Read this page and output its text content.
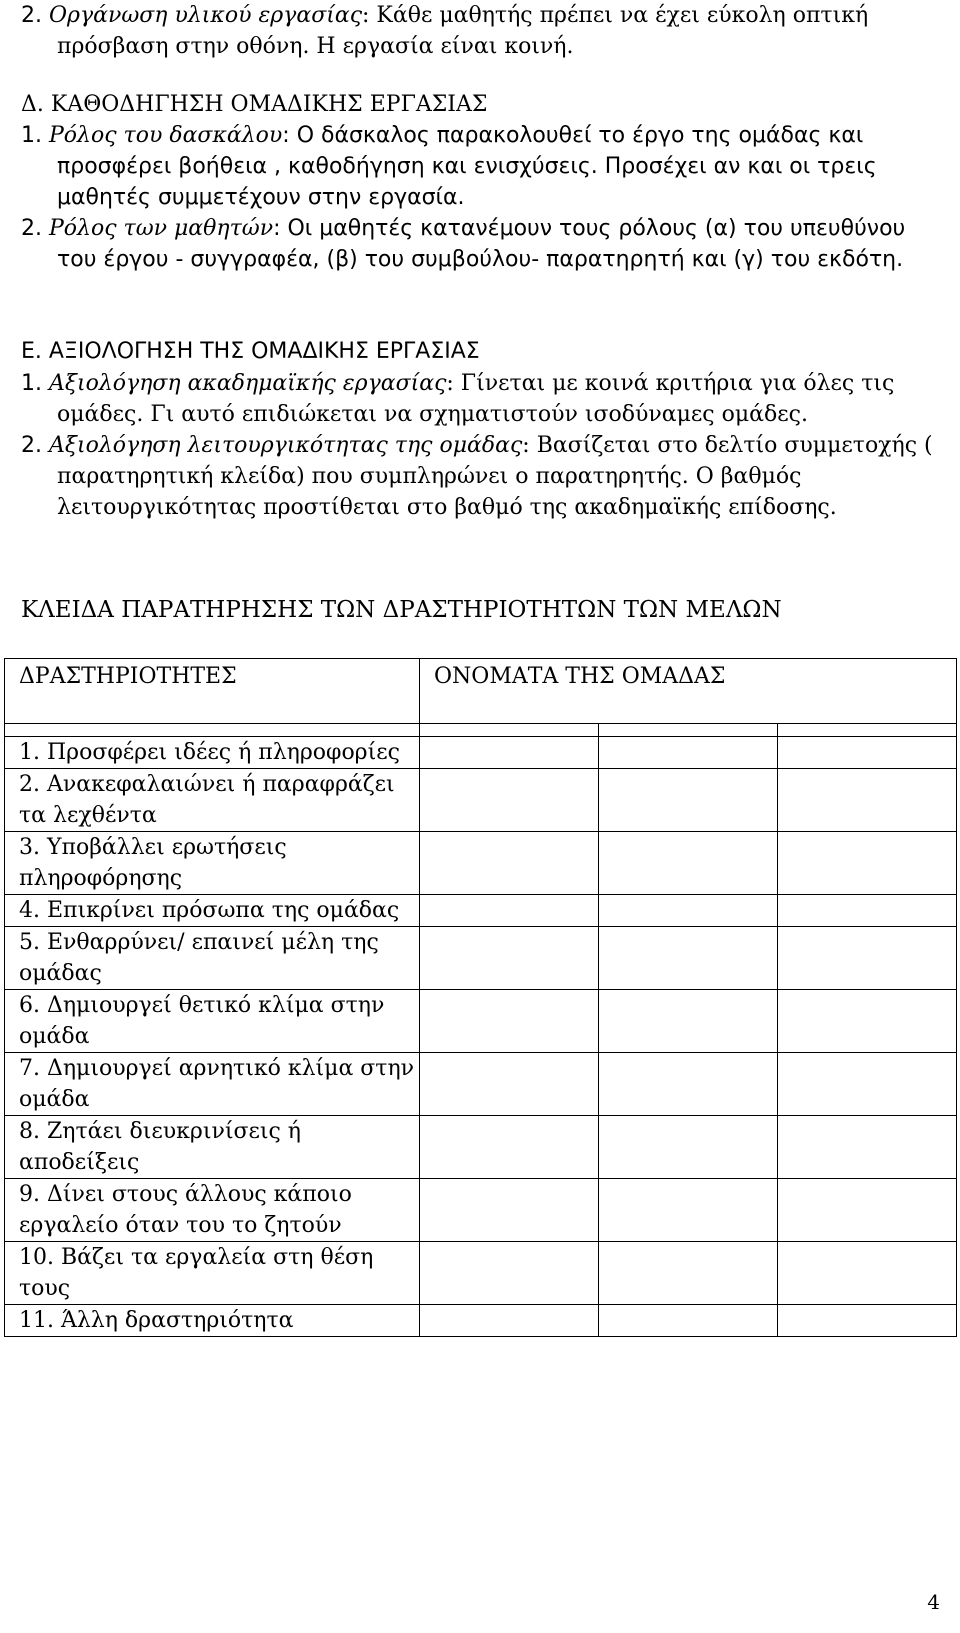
2. Οργάνωση υλικού εργασίας: Κάθε μαθητής πρέπει να έχει εύκολη οπτική πρόσβαση στην οθόνη. Η εργασία είναι κοινή.

Δ. ΚΑΘΟΔΗΓΗΣΗ ΟΜΑΔΙΚΗΣ ΕΡΓΑΣΙΑΣ

1. Ρόλος του δασκάλου: Ο δάσκαλος παρακολουθεί το έργο της ομάδας και προσφέρει βοήθεια , καθοδήγηση και ενισχύσεις. Προσέχει αν και οι τρεις μαθητές συμμετέχουν στην εργασία.

2. Ρόλος των μαθητών: Οι μαθητές κατανέμουν τους ρόλους (α) του υπευθύνου του έργου - συγγραφέα, (β) του συμβούλου- παρατηρητή και (γ) του εκδότη.

Ε. ΑΞΙΟΛΟΓΗΣΗ ΤΗΣ ΟΜΑΔΙΚΗΣ ΕΡΓΑΣΙΑΣ

1. Αξιολόγηση ακαδημαϊκής εργασίας: Γίνεται με κοινά κριτήρια για όλες τις ομάδες. Γι αυτό επιδιώκεται να σχηματιστούν ισοδύναμες ομάδες.

2. Αξιολόγηση λειτουργικότητας της ομάδας: Βασίζεται στο δελτίο συμμετοχής ( παρατηρητική κλείδα) που συμπληρώνει ο παρατηρητής. Ο βαθμός λειτουργικότητας προστίθεται στο βαθμό της ακαδημαϊκής επίδοσης.

ΚΛΕΙΔΑ ΠΑΡΑΤΗΡΗΣΗΣ ΤΩΝ ΔΡΑΣΤΗΡΙΟΤΗΤΩΝ ΤΩΝ ΜΕΛΩΝ

ΔΡΑΣΤΗΡΙΟΤΗΤΕΣ	ΟΝΟΜΑΤΑ ΤΗΣ ΟΜΑΔΑΣ		

1. Προσφέρει ιδέες ή πληροφορίες			
2. Ανακεφαλαιώνει ή παραφράζει τα λεχθέντα			
3. Υποβάλλει ερωτήσεις πληροφόρησης			
4. Επικρίνει πρόσωπα της ομάδας			
5. Ενθαρρύνει/ επαινεί μέλη της ομάδας			
6. Δημιουργεί θετικό κλίμα στην ομάδα			
7. Δημιουργεί αρνητικό κλίμα στην ομάδα			
8. Ζητάει διευκρινίσεις ή αποδείξεις			
9. Δίνει στους άλλους κάποιο εργαλείο όταν του το ζητούν			
10. Βάζει τα εργαλεία στη θέση τους			
11. Άλλη δραστηριότητα			
4
